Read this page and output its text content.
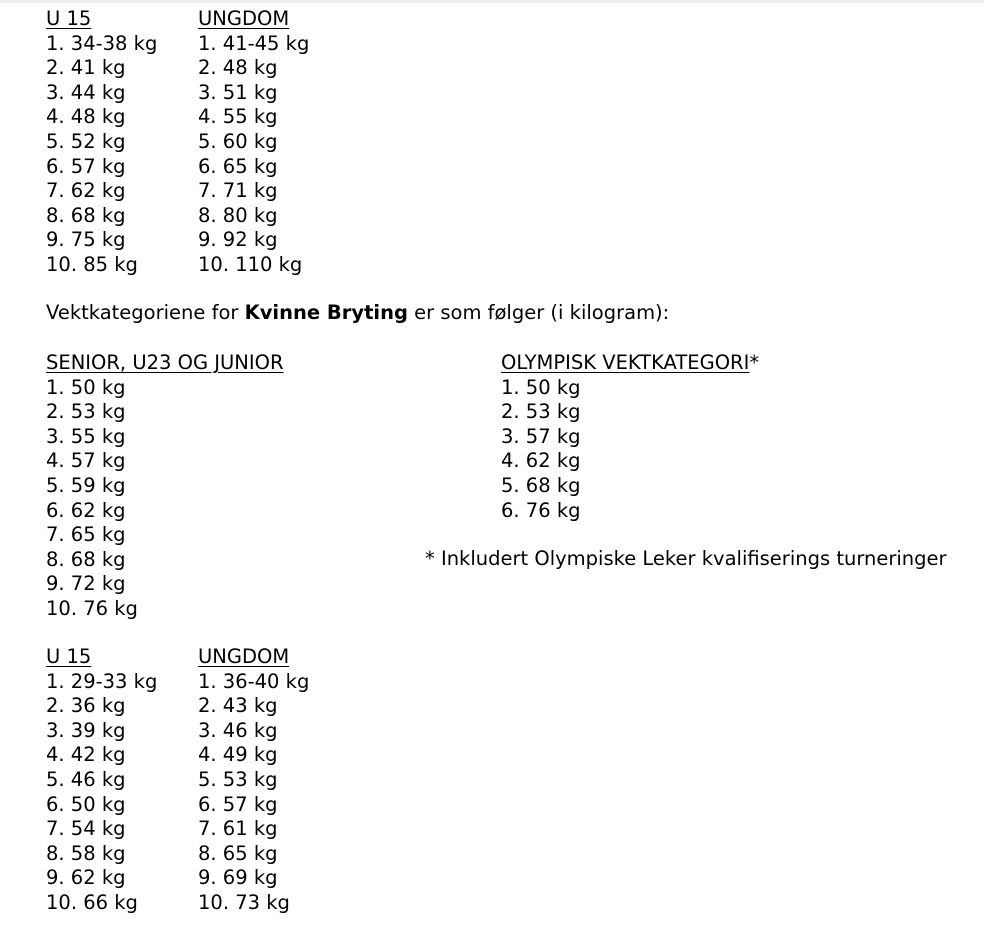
U 15
1. 34-38 kg
2. 41 kg
3. 44 kg
4. 48 kg
5. 52 kg
6. 57 kg
7. 62 kg
8. 68 kg
9. 75 kg
10. 85 kg
UNGDOM
1. 41-45 kg
2. 48 kg
3. 51 kg
4. 55 kg
5. 60 kg
6. 65 kg
7. 71 kg
8. 80 kg
9. 92 kg
10. 110 kg
Vektkategoriene for Kvinne Bryting er som følger (i kilogram):
SENIOR, U23 OG JUNIOR
1. 50 kg
2. 53 kg
3. 55 kg
4. 57 kg
5. 59 kg
6. 62 kg
7. 65 kg
8. 68 kg
9. 72 kg
10. 76 kg
OLYMPISK VEKTKATEGORI*
1. 50 kg
2. 53 kg
3. 57 kg
4. 62 kg
5. 68 kg
6. 76 kg
* Inkludert Olympiske Leker kvalifiserings turneringer
U 15
1. 29-33 kg
2. 36 kg
3. 39 kg
4. 42 kg
5. 46 kg
6. 50 kg
7. 54 kg
8. 58 kg
9. 62 kg
10. 66 kg
UNGDOM
1. 36-40 kg
2. 43 kg
3. 46 kg
4. 49 kg
5. 53 kg
6. 57 kg
7. 61 kg
8. 65 kg
9. 69 kg
10. 73 kg
